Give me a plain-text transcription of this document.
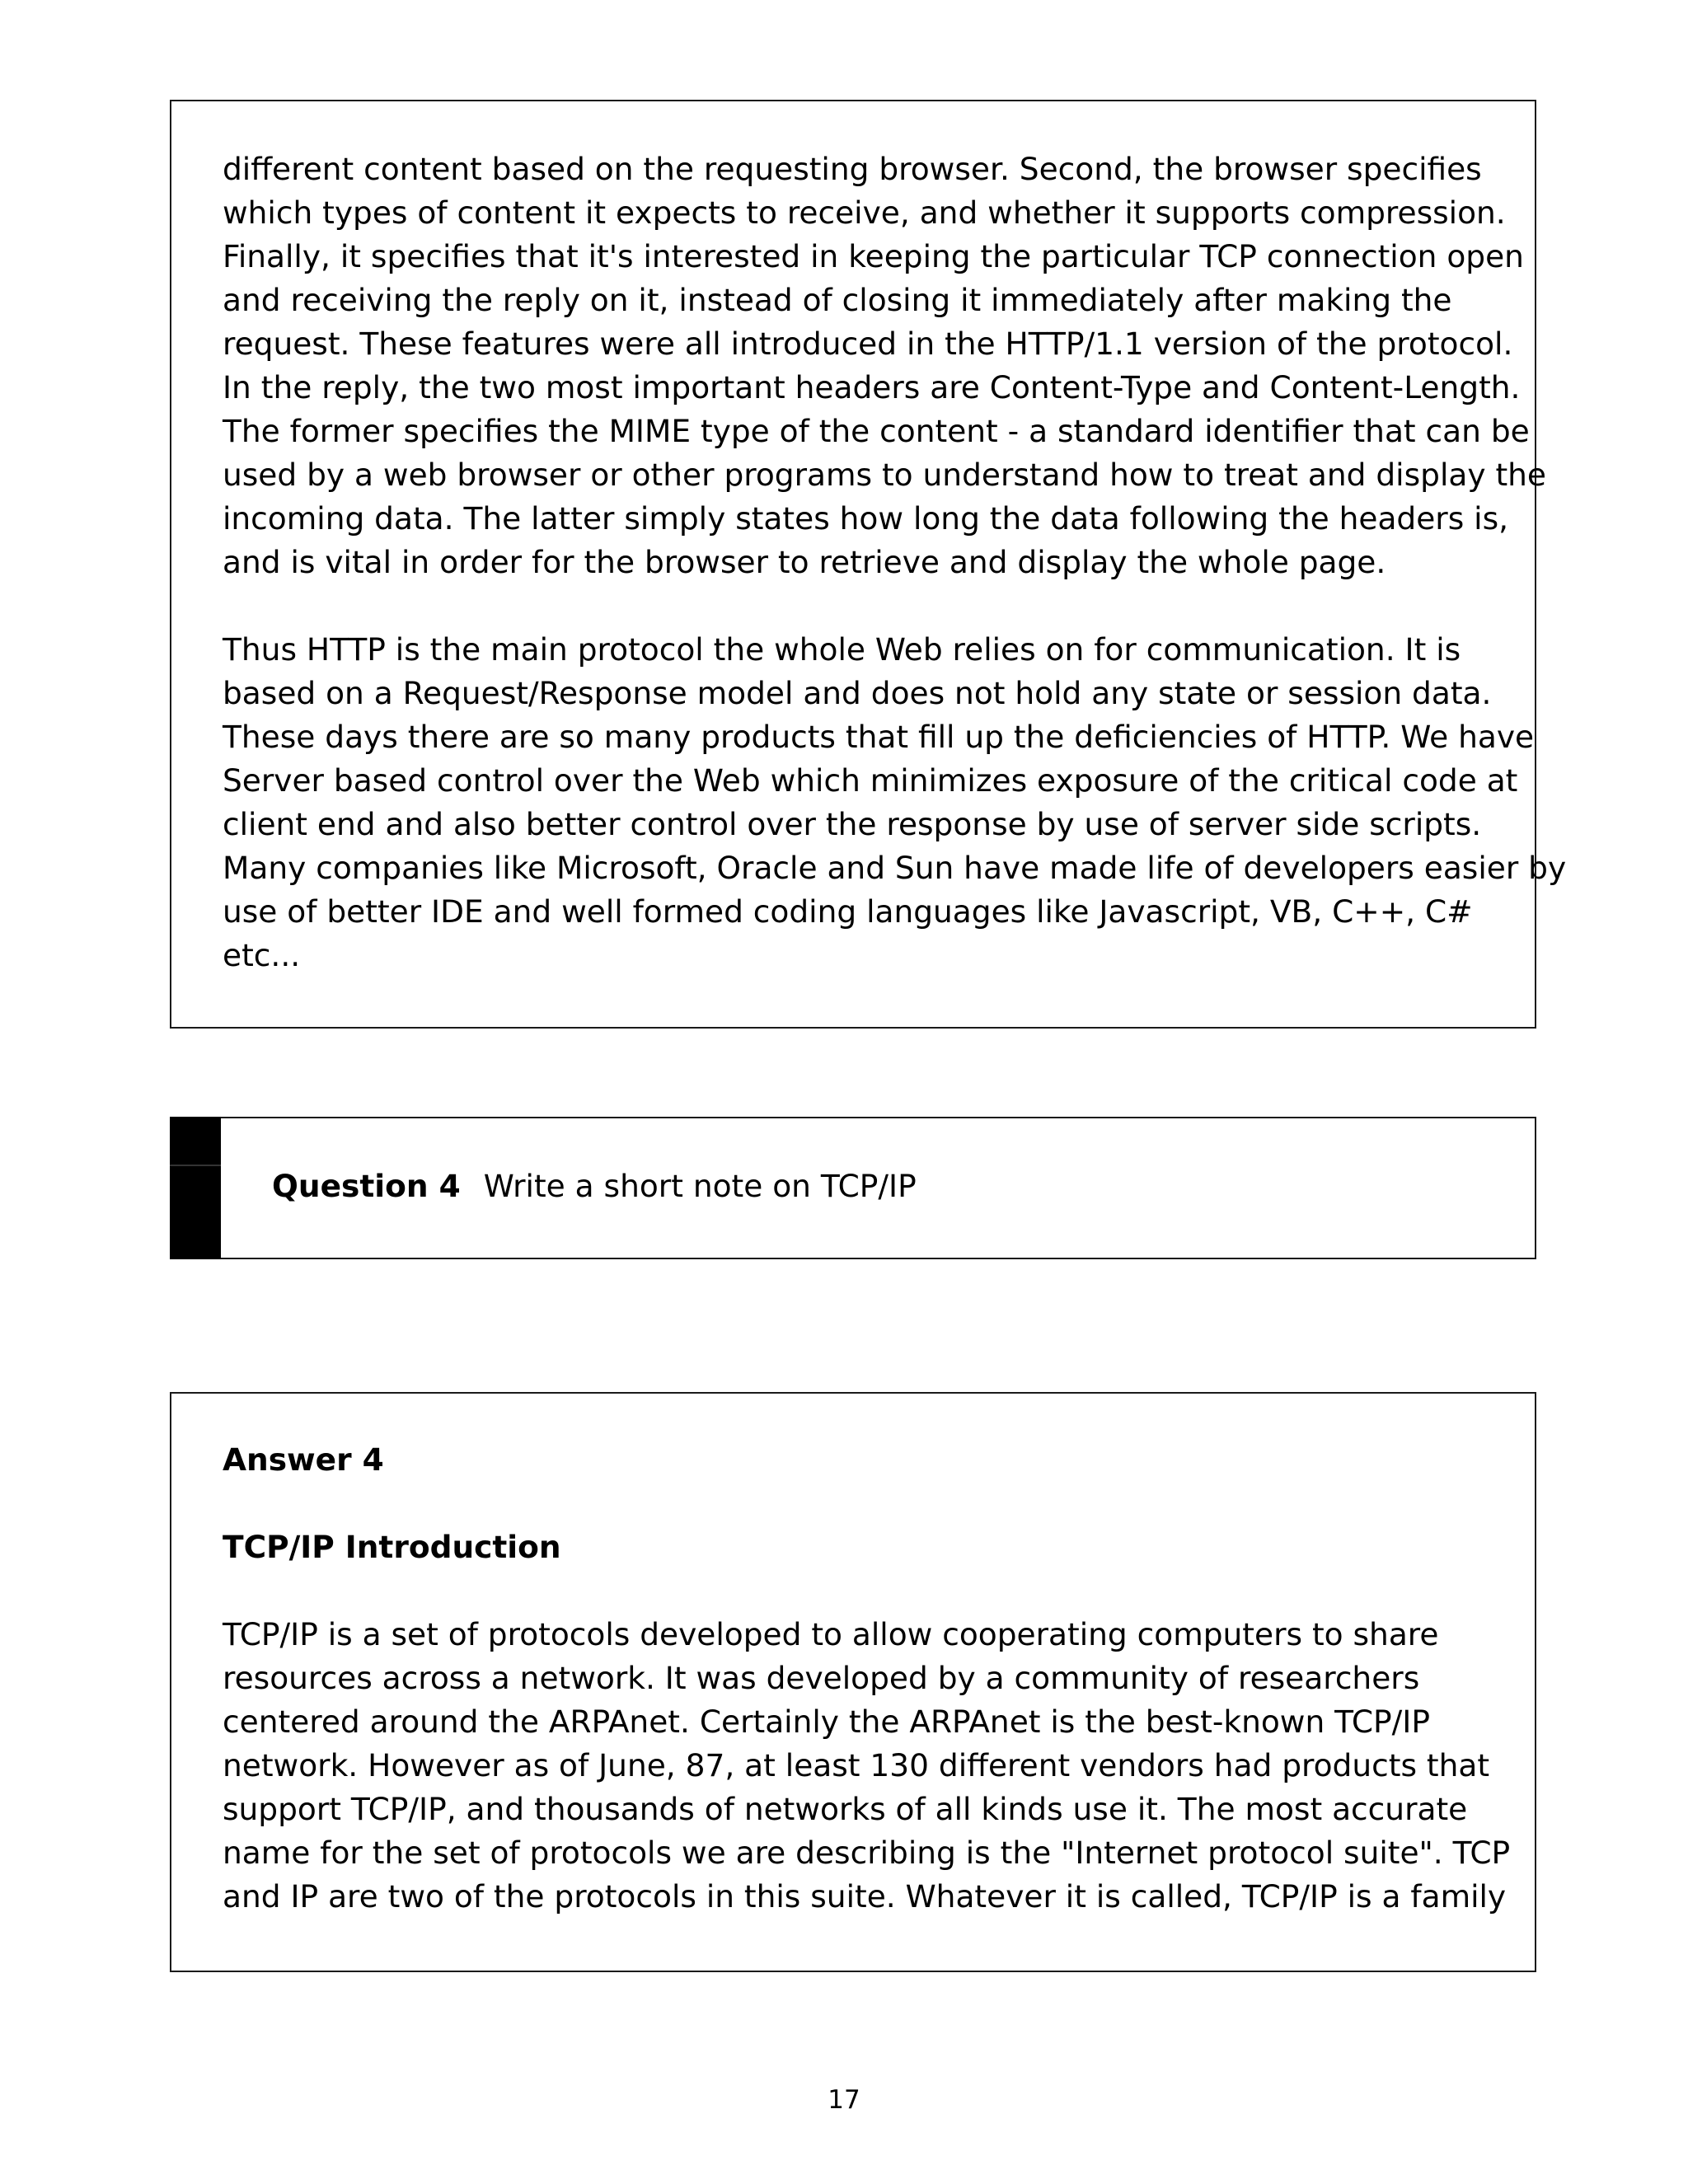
different content based on the requesting browser. Second, the browser specifies
which types of content it expects to receive, and whether it supports compression.
Finally, it specifies that it's interested in keeping the particular TCP connection open
and receiving the reply on it, instead of closing it immediately after making the
request. These features were all introduced in the HTTP/1.1 version of the protocol.
In the reply, the two most important headers are Content-Type and Content-Length.
The former specifies the MIME type of the content - a standard identifier that can be
used by a web browser or other programs to understand how to treat and display the
incoming data. The latter simply states how long the data following the headers is,
and is vital in order for the browser to retrieve and display the whole page.
Thus HTTP is the main protocol the whole Web relies on for communication. It is
based on a Request/Response model and does not hold any state or session data.
These days there are so many products that fill up the deficiencies of HTTP. We have
Server based control over the Web which minimizes exposure of the critical code at
client end and also better control over the response by use of server side scripts.
Many companies like Microsoft, Oracle and Sun have made life of developers easier by
use of better IDE and well formed coding languages like Javascript, VB, C++, C#
etc...
Question 4 Write a short note on TCP/IP
Answer 4
TCP/IP Introduction
TCP/IP is a set of protocols developed to allow cooperating computers to share
resources across a network. It was developed by a community of researchers
centered around the ARPAnet. Certainly the ARPAnet is the best-known TCP/IP
network. However as of June, 87, at least 130 different vendors had products that
support TCP/IP, and thousands of networks of all kinds use it. The most accurate
name for the set of protocols we are describing is the "Internet protocol suite". TCP
and IP are two of the protocols in this suite. Whatever it is called, TCP/IP is a family
17
